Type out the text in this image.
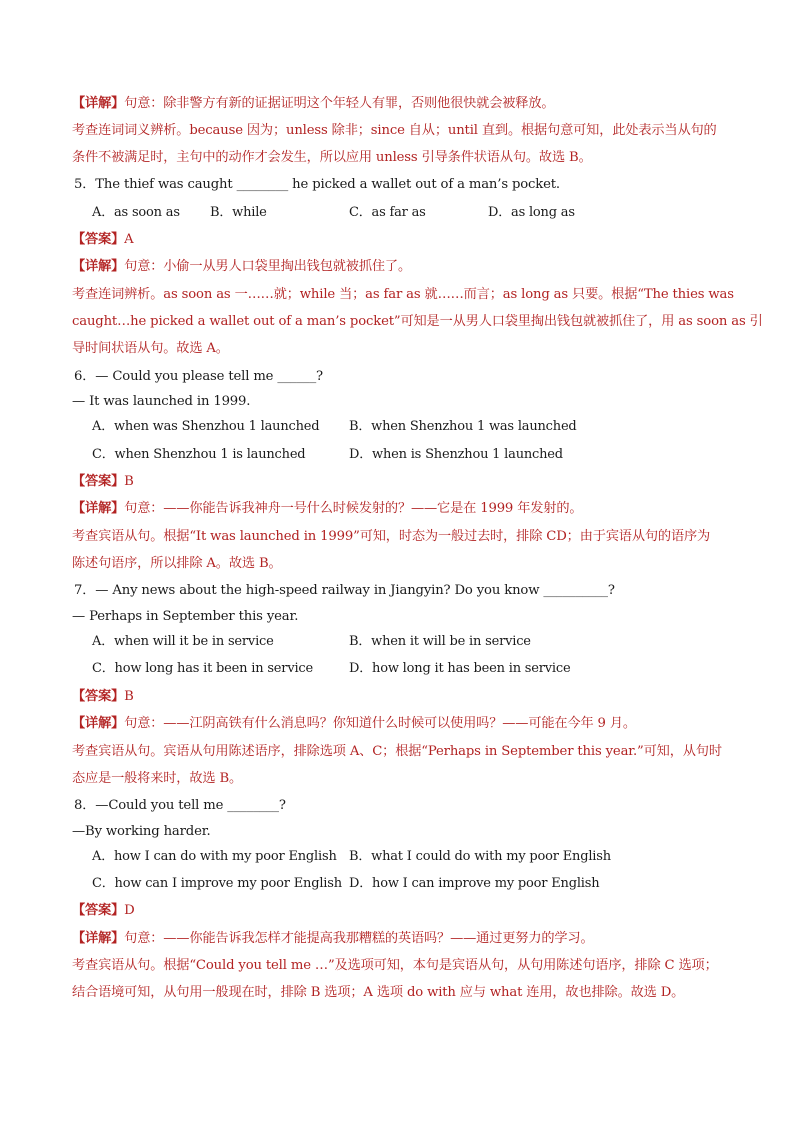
【详解】句意：除非警方有新的证据证明这个年轻人有罪，否则他很快就会被释放。
考查连词词义辨析。because 因为；unless 除非；since 自从；until 直到。根据句意可知，此处表示当从句的
条件不被满足时，主句中的动作才会发生，所以应用 unless 引导条件状语从句。故选 B。
5．The thief was caught ________ he picked a wallet out of a man’s pocket.
A．as soon as B．while	C．as far as	D．as long as
【答案】A
【详解】句意：小偷一从男人口袋里掏出钱包就被抓住了。
考查连词辨析。as soon as 一……就；while 当；as far as 就……而言；as long as 只要。根据“The thies was
caught…he picked a wallet out of a man’s pocket”可知是一从男人口袋里掏出钱包就被抓住了，用 as soon as 引
导时间状语从句。故选 A。
6．— Could you please tell me ______?
— It was launched in 1999.
A．when was Shenzhou 1 launched B．when Shenzhou 1 was launched
C．when Shenzhou 1 is launched	D．when is Shenzhou 1 launched
【答案】B
【详解】句意：——你能告诉我神舟一号什么时候发射的？——它是在 1999 年发射的。
考查宾语从句。根据“It was launched in 1999”可知，时态为一般过去时，排除 CD；由于宾语从句的语序为
陈述句语序，所以排除 A。故选 B。
7．— Any news about the high-speed railway in Jiangyin? Do you know __________?
— Perhaps in September this year.
A．when will it be in service	B．when it will be in service
C．how long has it been in service	D．how long it has been in service
【答案】B
【详解】句意：——江阴高铁有什么消息吗？你知道什么时候可以使用吗？——可能在今年 9 月。
考查宾语从句。宾语从句用陈述语序，排除选项 A、C；根据“Perhaps in September this year.”可知，从句时
态应是一般将来时，故选 B。
8．—Could you tell me ________?
—By working harder.
A．how I can do with my poor English B．what I could do with my poor English
C．how can I improve my poor English D．how I can improve my poor English
【答案】D
【详解】句意：——你能告诉我怎样才能提高我那糟糕的英语吗？——通过更努力的学习。
考查宾语从句。根据“Could you tell me …”及选项可知，本句是宾语从句，从句用陈述句语序，排除 C 选项；
结合语境可知，从句用一般现在时，排除 B 选项；A 选项 do with 应与 what 连用，故也排除。故选 D。
